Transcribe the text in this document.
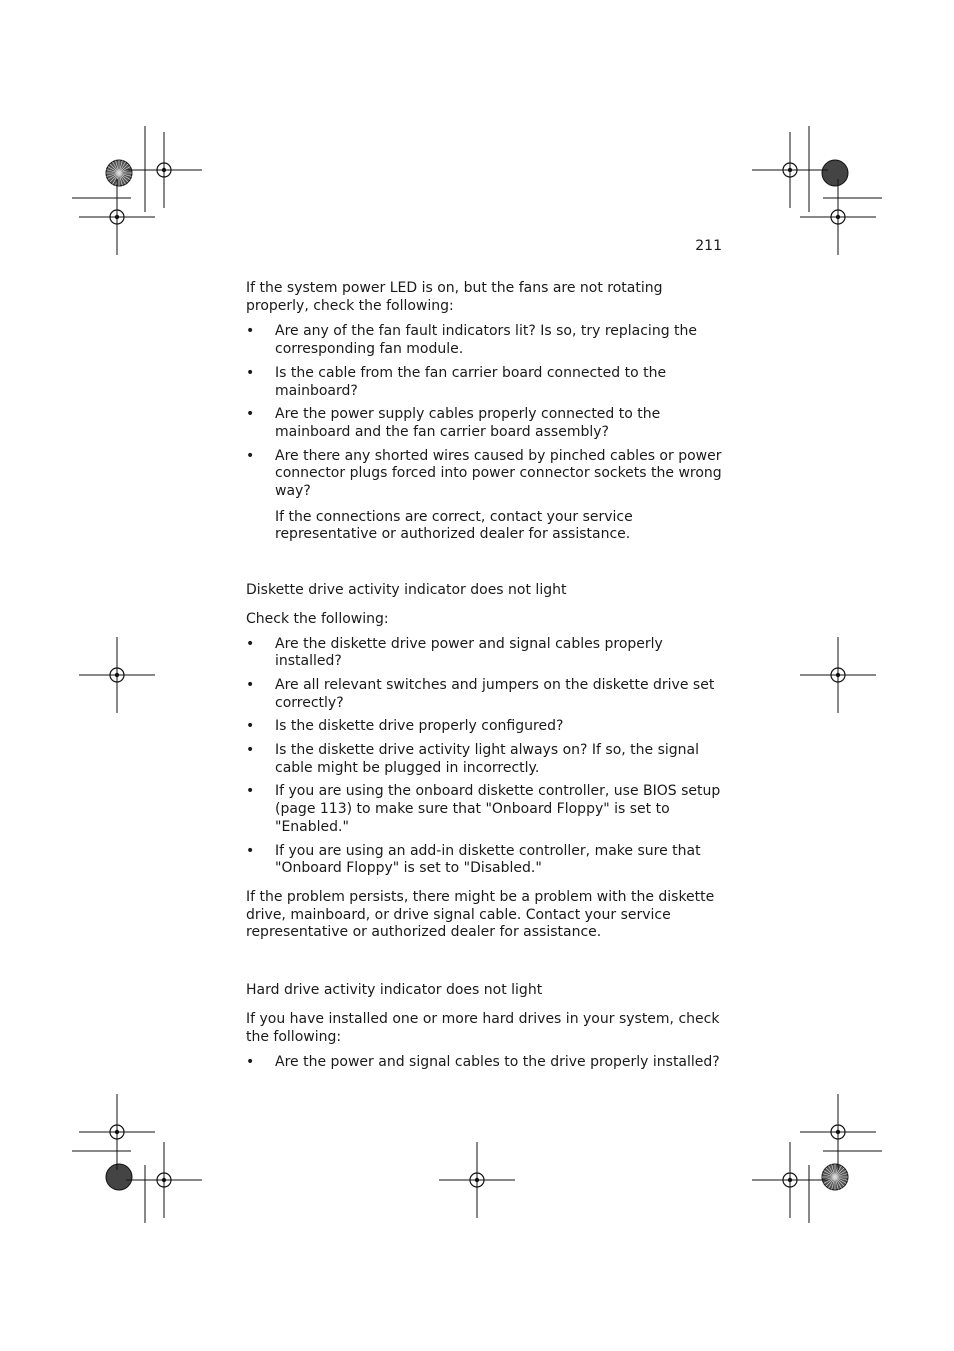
211

If the system power LED is on, but the fans are not rotating properly, check the following:

• Are any of the fan fault indicators lit? Is so, try replacing the corresponding fan module.
• Is the cable from the fan carrier board connected to the mainboard?
• Are the power supply cables properly connected to the mainboard and the fan carrier board assembly?
• Are there any shorted wires caused by pinched cables or power connector plugs forced into power connector sockets the wrong way?

If the connections are correct, contact your service representative or authorized dealer for assistance.

Diskette drive activity indicator does not light

Check the following:

• Are the diskette drive power and signal cables properly installed?
• Are all relevant switches and jumpers on the diskette drive set correctly?
• Is the diskette drive properly configured?
• Is the diskette drive activity light always on? If so, the signal cable might be plugged in incorrectly.
• If you are using the onboard diskette controller, use BIOS setup (page 113) to make sure that "Onboard Floppy" is set to "Enabled."
• If you are using an add-in diskette controller, make sure that "Onboard Floppy" is set to "Disabled."

If the problem persists, there might be a problem with the diskette drive, mainboard, or drive signal cable. Contact your service representative or authorized dealer for assistance.

Hard drive activity indicator does not light

If you have installed one or more hard drives in your system, check the following:

• Are the power and signal cables to the drive properly installed?
